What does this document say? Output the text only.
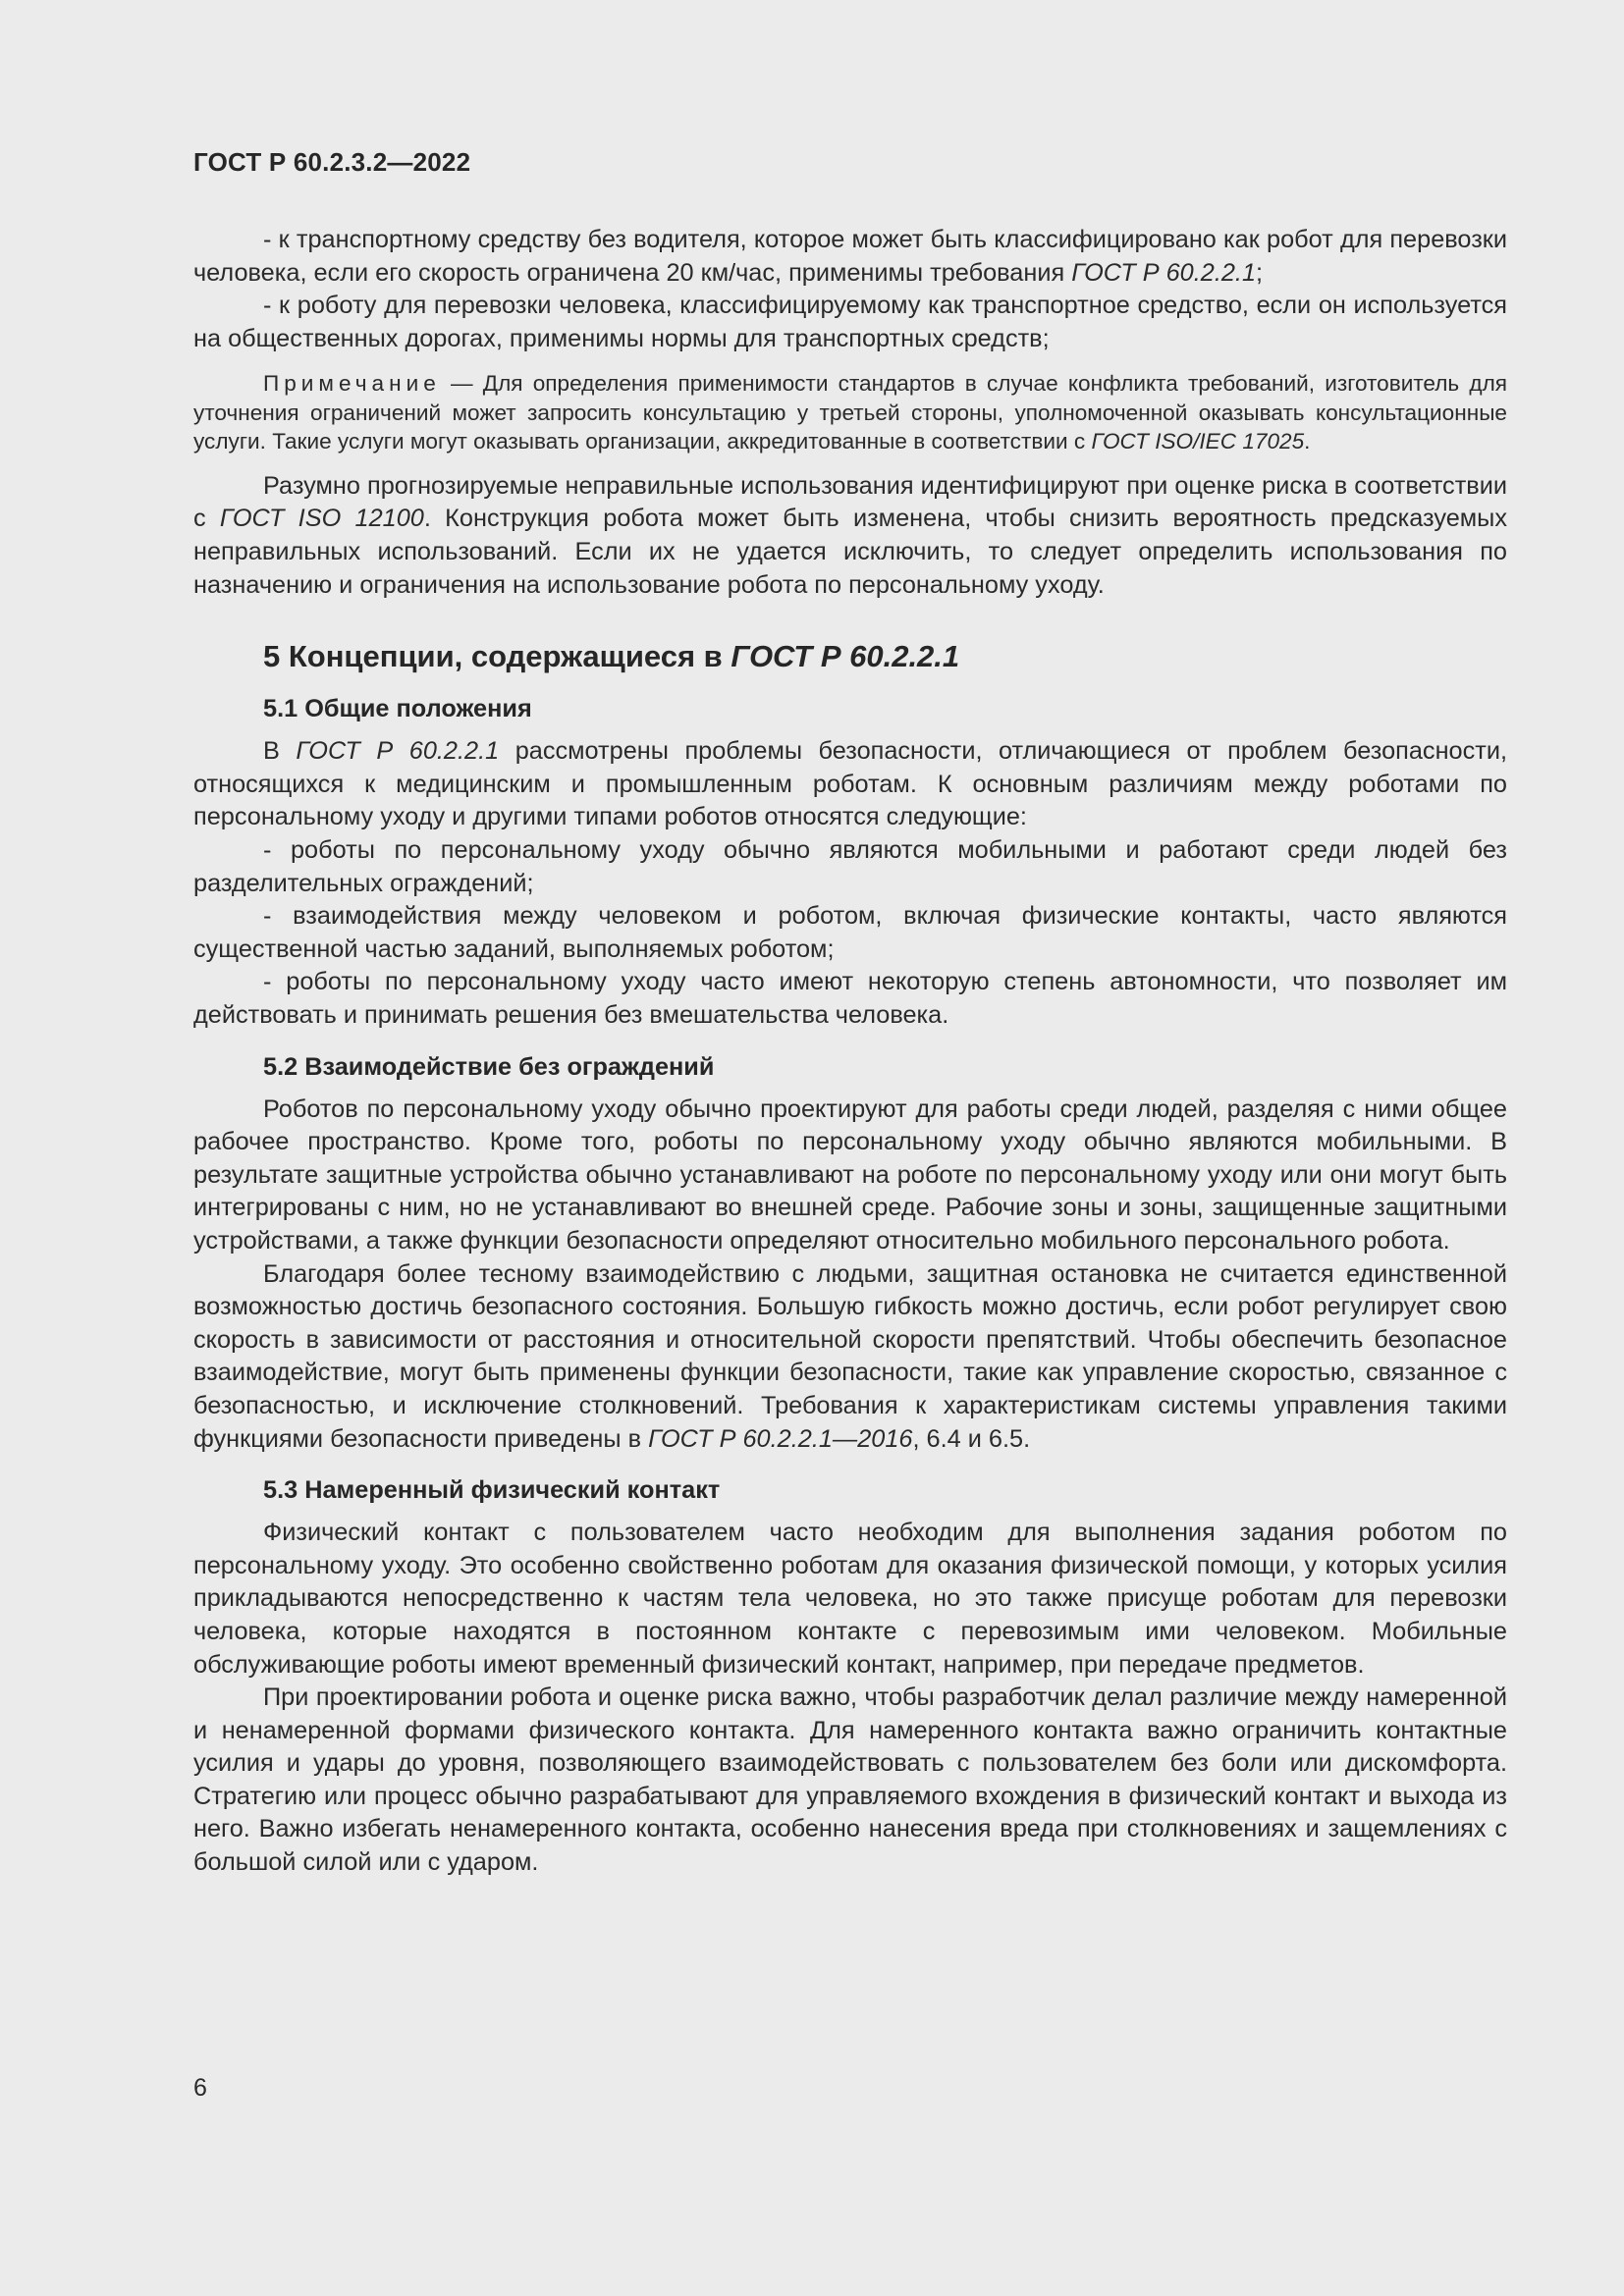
ГОСТ Р 60.2.3.2—2022

- к транспортному средству без водителя, которое может быть классифицировано как робот для перевозки человека, если его скорость ограничена 20 км/час, применимы требования ГОСТ Р 60.2.2.1;

- к роботу для перевозки человека, классифицируемому как транспортное средство, если он используется на общественных дорогах, применимы нормы для транспортных средств;

Примечание — Для определения применимости стандартов в случае конфликта требований, изготовитель для уточнения ограничений может запросить консультацию у третьей стороны, уполномоченной оказывать консультационные услуги. Такие услуги могут оказывать организации, аккредитованные в соответствии с ГОСТ ISO/IEC 17025.

Разумно прогнозируемые неправильные использования идентифицируют при оценке риска в соответствии с ГОСТ ISO 12100. Конструкция робота может быть изменена, чтобы снизить вероятность предсказуемых неправильных использований. Если их не удается исключить, то следует определить использования по назначению и ограничения на использование робота по персональному уходу.

5 Концепции, содержащиеся в ГОСТ Р 60.2.2.1
5.1 Общие положения

В ГОСТ Р 60.2.2.1 рассмотрены проблемы безопасности, отличающиеся от проблем безопасности, относящихся к медицинским и промышленным роботам. К основным различиям между роботами по персональному уходу и другими типами роботов относятся следующие:

- роботы по персональному уходу обычно являются мобильными и работают среди людей без разделительных ограждений;

- взаимодействия между человеком и роботом, включая физические контакты, часто являются существенной частью заданий, выполняемых роботом;

- роботы по персональному уходу часто имеют некоторую степень автономности, что позволяет им действовать и принимать решения без вмешательства человека.

5.2 Взаимодействие без ограждений

Роботов по персональному уходу обычно проектируют для работы среди людей, разделяя с ними общее рабочее пространство. Кроме того, роботы по персональному уходу обычно являются мобильными. В результате защитные устройства обычно устанавливают на роботе по персональному уходу или они могут быть интегрированы с ним, но не устанавливают во внешней среде. Рабочие зоны и зоны, защищенные защитными устройствами, а также функции безопасности определяют относительно мобильного персонального робота.

Благодаря более тесному взаимодействию с людьми, защитная остановка не считается единственной возможностью достичь безопасного состояния. Большую гибкость можно достичь, если робот регулирует свою скорость в зависимости от расстояния и относительной скорости препятствий. Чтобы обеспечить безопасное взаимодействие, могут быть применены функции безопасности, такие как управление скоростью, связанное с безопасностью, и исключение столкновений. Требования к характеристикам системы управления такими функциями безопасности приведены в ГОСТ Р 60.2.2.1—2016, 6.4 и 6.5.

5.3 Намеренный физический контакт

Физический контакт с пользователем часто необходим для выполнения задания роботом по персональному уходу. Это особенно свойственно роботам для оказания физической помощи, у которых усилия прикладываются непосредственно к частям тела человека, но это также присуще роботам для перевозки человека, которые находятся в постоянном контакте с перевозимым ими человеком. Мобильные обслуживающие роботы имеют временный физический контакт, например, при передаче предметов.

При проектировании робота и оценке риска важно, чтобы разработчик делал различие между намеренной и ненамеренной формами физического контакта. Для намеренного контакта важно ограничить контактные усилия и удары до уровня, позволяющего взаимодействовать с пользователем без боли или дискомфорта. Стратегию или процесс обычно разрабатывают для управляемого вхождения в физический контакт и выхода из него. Важно избегать ненамеренного контакта, особенно нанесения вреда при столкновениях и защемлениях с большой силой или с ударом.

6
